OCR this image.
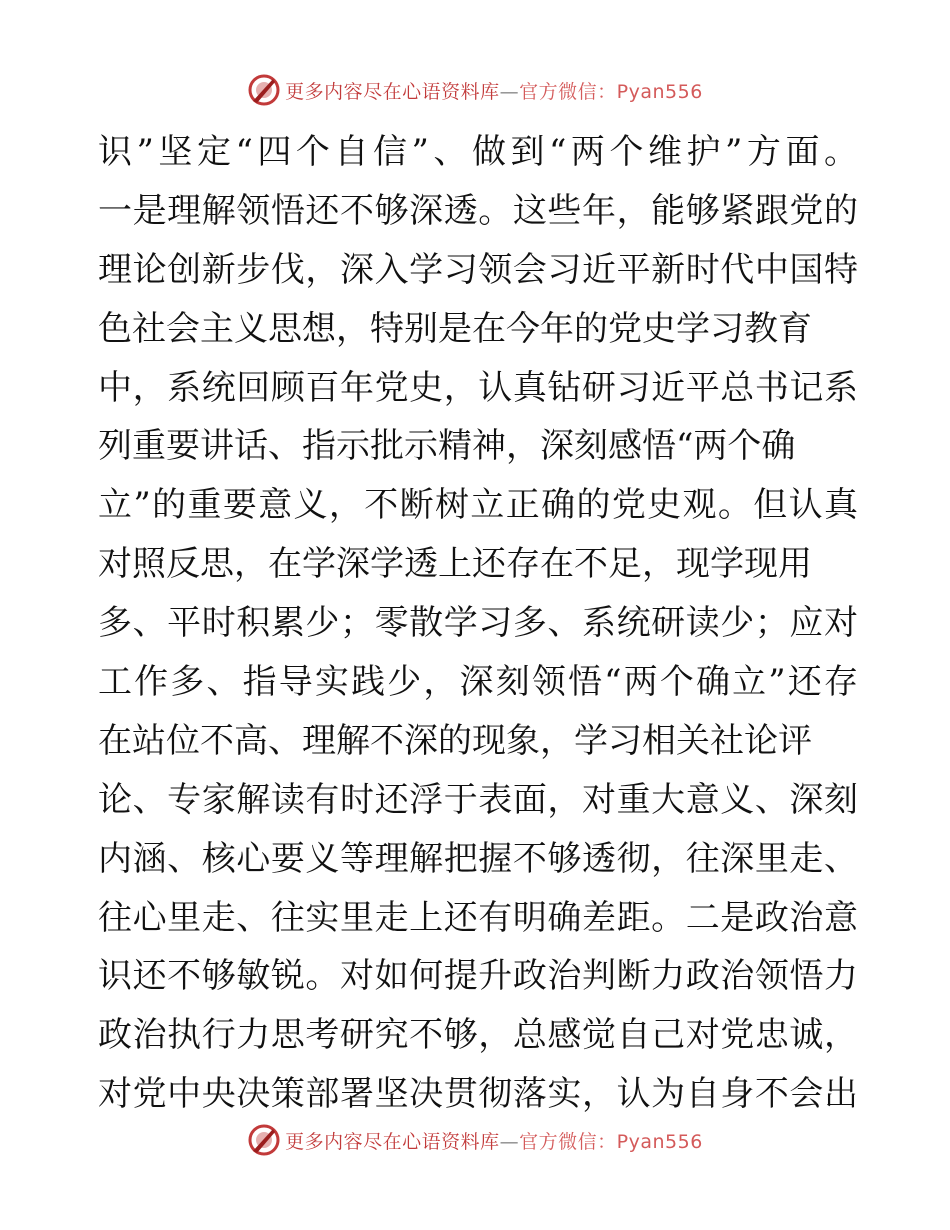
更多内容尽在心语资料库—官方微信：Pyan556
识”坚定“四个自信”、做到“两个维护”方面。
一是理解领悟还不够深透。这些年，能够紧跟党的
理论创新步伐，深入学习领会习近平新时代中国特
色社会主义思想，特别是在今年的党史学习教育
中，系统回顾百年党史，认真钻研习近平总书记系
列重要讲话、指示批示精神，深刻感悟“两个确
立”的重要意义，不断树立正确的党史观。但认真
对照反思，在学深学透上还存在不足，现学现用
多、平时积累少；零散学习多、系统研读少；应对
工作多、指导实践少，深刻领悟“两个确立”还存
在站位不高、理解不深的现象，学习相关社论评
论、专家解读有时还浮于表面，对重大意义、深刻
内涵、核心要义等理解把握不够透彻，往深里走、
往心里走、往实里走上还有明确差距。二是政治意
识还不够敏锐。对如何提升政治判断力政治领悟力
政治执行力思考研究不够，总感觉自己对党忠诚，
对党中央决策部署坚决贯彻落实，认为自身不会出
更多内容尽在心语资料库—官方微信：Pyan556
